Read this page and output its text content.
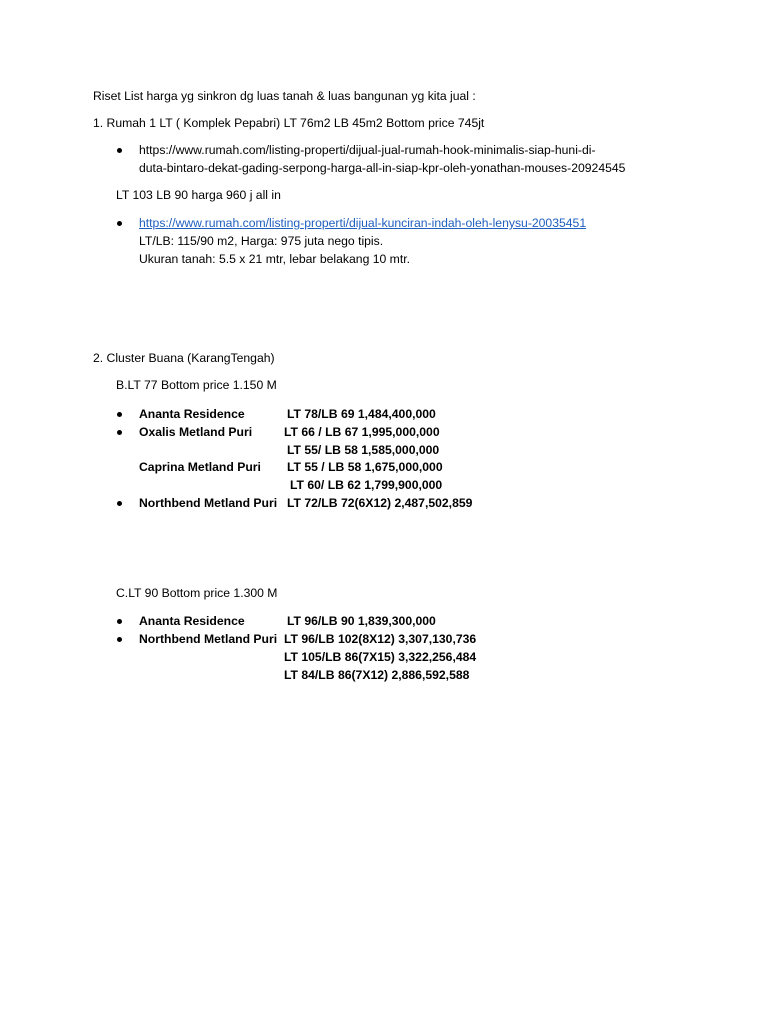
Riset List harga yg sinkron dg luas tanah & luas bangunan yg kita jual :
1. Rumah 1 LT ( Komplek Pepabri) LT 76m2 LB 45m2 Bottom price 745jt
https://www.rumah.com/listing-properti/dijual-jual-rumah-hook-minimalis-siap-huni-di-
duta-bintaro-dekat-gading-serpong-harga-all-in-siap-kpr-oleh-yonathan-mouses-20924545
LT 103 LB 90 harga 960 j all in
https://www.rumah.com/listing-properti/dijual-kunciran-indah-oleh-lenysu-20035451
LT/LB: 115/90 m2, Harga: 975 juta nego tipis.
Ukuran tanah: 5.5 x 21 mtr, lebar belakang 10 mtr.
2. Cluster Buana (KarangTengah)
B.LT 77 Bottom price 1.150 M
Ananta Residence	LT 78/LB 69 1,484,400,000
Oxalis Metland Puri	LT 66 / LB 67 1,995,000,000
LT 55/ LB 58 1,585,000,000
Caprina Metland Puri LT 55 / LB 58 1,675,000,000
LT 60/ LB 62 1,799,900,000
Northbend Metland Puri LT 72/LB 72(6X12) 2,487,502,859
C.LT 90 Bottom price 1.300 M
Ananta Residence	LT 96/LB 90 1,839,300,000
Northbend Metland Puri LT 96/LB 102(8X12) 3,307,130,736
LT 105/LB 86(7X15) 3,322,256,484
LT 84/LB 86(7X12) 2,886,592,588
